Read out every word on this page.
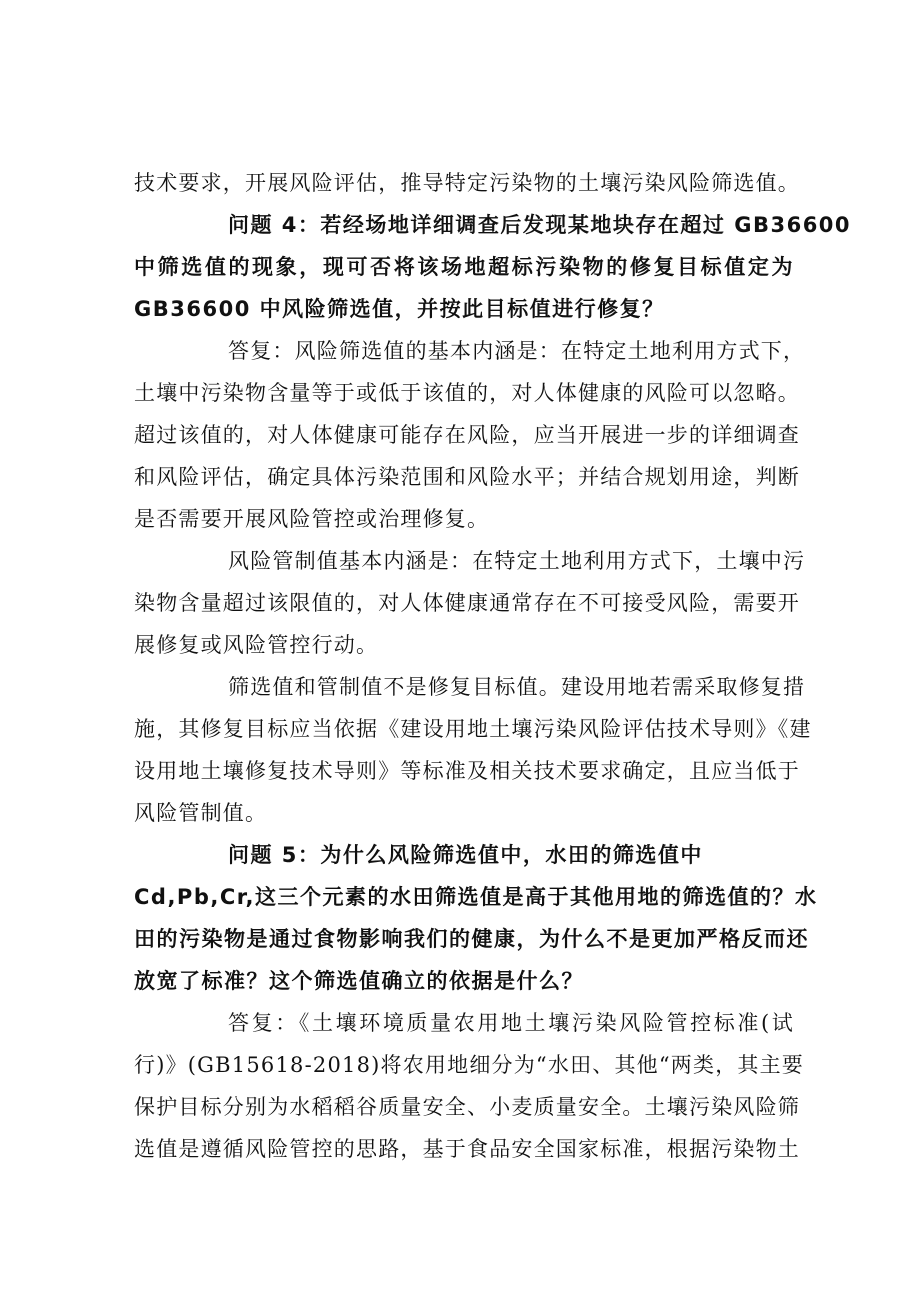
技术要求，开展风险评估，推导特定污染物的土壤污染风险筛选值。
问题 4：若经场地详细调查后发现某地块存在超过 GB36600
中筛选值的现象，现可否将该场地超标污染物的修复目标值定为
GB36600 中风险筛选值，并按此目标值进行修复？
答复：风险筛选值的基本内涵是：在特定土地利用方式下，
土壤中污染物含量等于或低于该值的，对人体健康的风险可以忽略。
超过该值的，对人体健康可能存在风险，应当开展进一步的详细调查
和风险评估，确定具体污染范围和风险水平；并结合规划用途，判断
是否需要开展风险管控或治理修复。
风险管制值基本内涵是：在特定土地利用方式下，土壤中污
染物含量超过该限值的，对人体健康通常存在不可接受风险，需要开
展修复或风险管控行动。
筛选值和管制值不是修复目标值。建设用地若需采取修复措
施，其修复目标应当依据《建设用地土壤污染风险评估技术导则》《建
设用地土壤修复技术导则》等标准及相关技术要求确定，且应当低于
风险管制值。
问题 5：为什么风险筛选值中，水田的筛选值中
Cd,Pb,Cr,这三个元素的水田筛选值是高于其他用地的筛选值的？水
田的污染物是通过食物影响我们的健康，为什么不是更加严格反而还
放宽了标准？这个筛选值确立的依据是什么？
答复：《土壤环境质量农用地土壤污染风险管控标准(试
行)》(GB15618-2018)将农用地细分为“水田、其他“两类，其主要
保护目标分别为水稻稻谷质量安全、小麦质量安全。土壤污染风险筛
选值是遵循风险管控的思路，基于食品安全国家标准，根据污染物土
